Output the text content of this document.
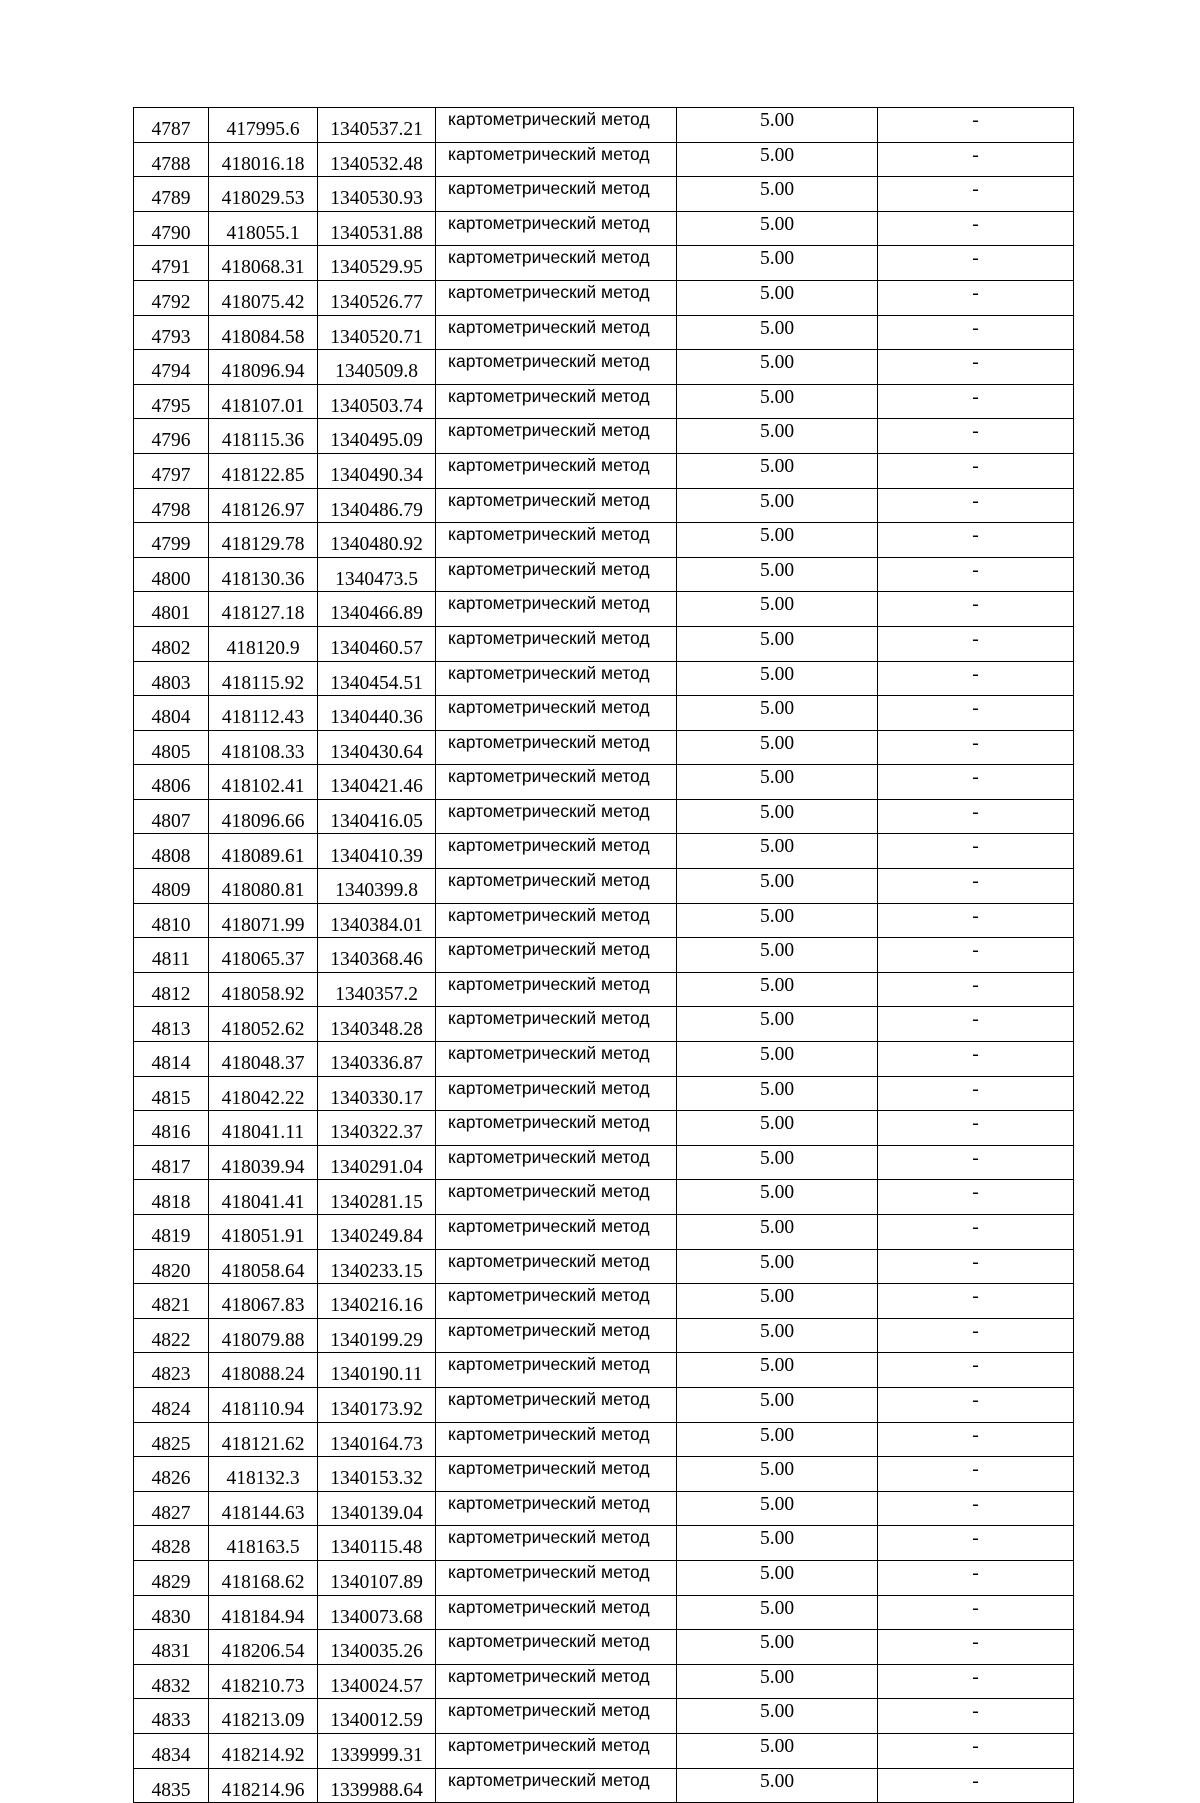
4787	417995.6	1340537.21	картометрический метод	5.00	-
4788	418016.18	1340532.48	картометрический метод	5.00	-
4789	418029.53	1340530.93	картометрический метод	5.00	-
4790	418055.1	1340531.88	картометрический метод	5.00	-
4791	418068.31	1340529.95	картометрический метод	5.00	-
4792	418075.42	1340526.77	картометрический метод	5.00	-
4793	418084.58	1340520.71	картометрический метод	5.00	-
4794	418096.94	1340509.8	картометрический метод	5.00	-
4795	418107.01	1340503.74	картометрический метод	5.00	-
4796	418115.36	1340495.09	картометрический метод	5.00	-
4797	418122.85	1340490.34	картометрический метод	5.00	-
4798	418126.97	1340486.79	картометрический метод	5.00	-
4799	418129.78	1340480.92	картометрический метод	5.00	-
4800	418130.36	1340473.5	картометрический метод	5.00	-
4801	418127.18	1340466.89	картометрический метод	5.00	-
4802	418120.9	1340460.57	картометрический метод	5.00	-
4803	418115.92	1340454.51	картометрический метод	5.00	-
4804	418112.43	1340440.36	картометрический метод	5.00	-
4805	418108.33	1340430.64	картометрический метод	5.00	-
4806	418102.41	1340421.46	картометрический метод	5.00	-
4807	418096.66	1340416.05	картометрический метод	5.00	-
4808	418089.61	1340410.39	картометрический метод	5.00	-
4809	418080.81	1340399.8	картометрический метод	5.00	-
4810	418071.99	1340384.01	картометрический метод	5.00	-
4811	418065.37	1340368.46	картометрический метод	5.00	-
4812	418058.92	1340357.2	картометрический метод	5.00	-
4813	418052.62	1340348.28	картометрический метод	5.00	-
4814	418048.37	1340336.87	картометрический метод	5.00	-
4815	418042.22	1340330.17	картометрический метод	5.00	-
4816	418041.11	1340322.37	картометрический метод	5.00	-
4817	418039.94	1340291.04	картометрический метод	5.00	-
4818	418041.41	1340281.15	картометрический метод	5.00	-
4819	418051.91	1340249.84	картометрический метод	5.00	-
4820	418058.64	1340233.15	картометрический метод	5.00	-
4821	418067.83	1340216.16	картометрический метод	5.00	-
4822	418079.88	1340199.29	картометрический метод	5.00	-
4823	418088.24	1340190.11	картометрический метод	5.00	-
4824	418110.94	1340173.92	картометрический метод	5.00	-
4825	418121.62	1340164.73	картометрический метод	5.00	-
4826	418132.3	1340153.32	картометрический метод	5.00	-
4827	418144.63	1340139.04	картометрический метод	5.00	-
4828	418163.5	1340115.48	картометрический метод	5.00	-
4829	418168.62	1340107.89	картометрический метод	5.00	-
4830	418184.94	1340073.68	картометрический метод	5.00	-
4831	418206.54	1340035.26	картометрический метод	5.00	-
4832	418210.73	1340024.57	картометрический метод	5.00	-
4833	418213.09	1340012.59	картометрический метод	5.00	-
4834	418214.92	1339999.31	картометрический метод	5.00	-
4835	418214.96	1339988.64	картометрический метод	5.00	-
